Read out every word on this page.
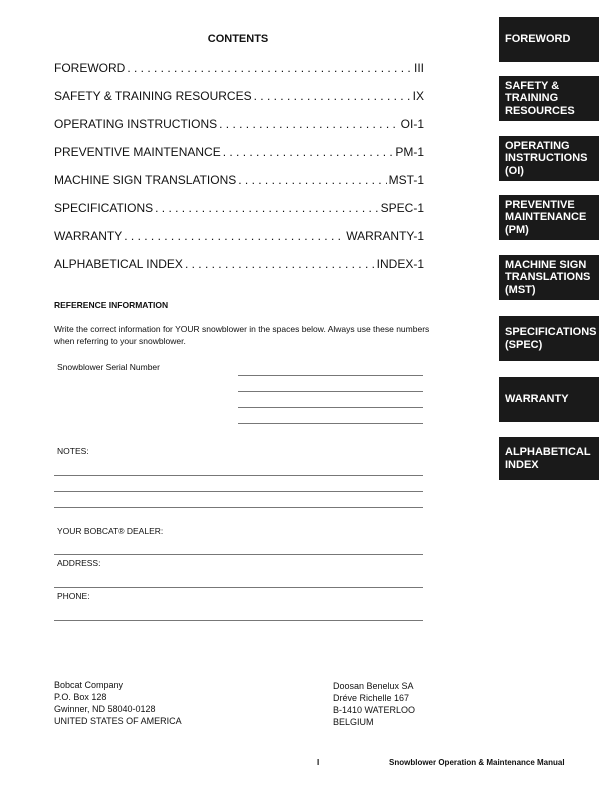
CONTENTS
FOREWORD . . .	III
SAFETY & TRAINING RESOURCES . . .	IX
OPERATING INSTRUCTIONS . . .	OI-1
PREVENTIVE MAINTENANCE . . .	PM-1
MACHINE SIGN TRANSLATIONS . . .	MST-1
SPECIFICATIONS . . .	SPEC-1
WARRANTY . . .	WARRANTY-1
ALPHABETICAL INDEX . . .	INDEX-1
REFERENCE INFORMATION
Write the correct information for YOUR snowblower in the spaces below. Always use these numbers when referring to your snowblower.
Snowblower Serial Number
NOTES:
YOUR BOBCAT® DEALER:
ADDRESS:
PHONE:
Bobcat Company
P.O. Box 128
Gwinner, ND 58040-0128
UNITED STATES OF AMERICA
Doosan Benelux SA
Dréve Richelle 167
B-1410 WATERLOO
BELGIUM
I	Snowblower Operation & Maintenance Manual
FOREWORD
SAFETY &
TRAINING
RESOURCES
OPERATING
INSTRUCTIONS
(OI)
PREVENTIVE
MAINTENANCE
(PM)
MACHINE SIGN
TRANSLATIONS
(MST)
SPECIFICATIONS
(SPEC)
WARRANTY
ALPHABETICAL
INDEX
